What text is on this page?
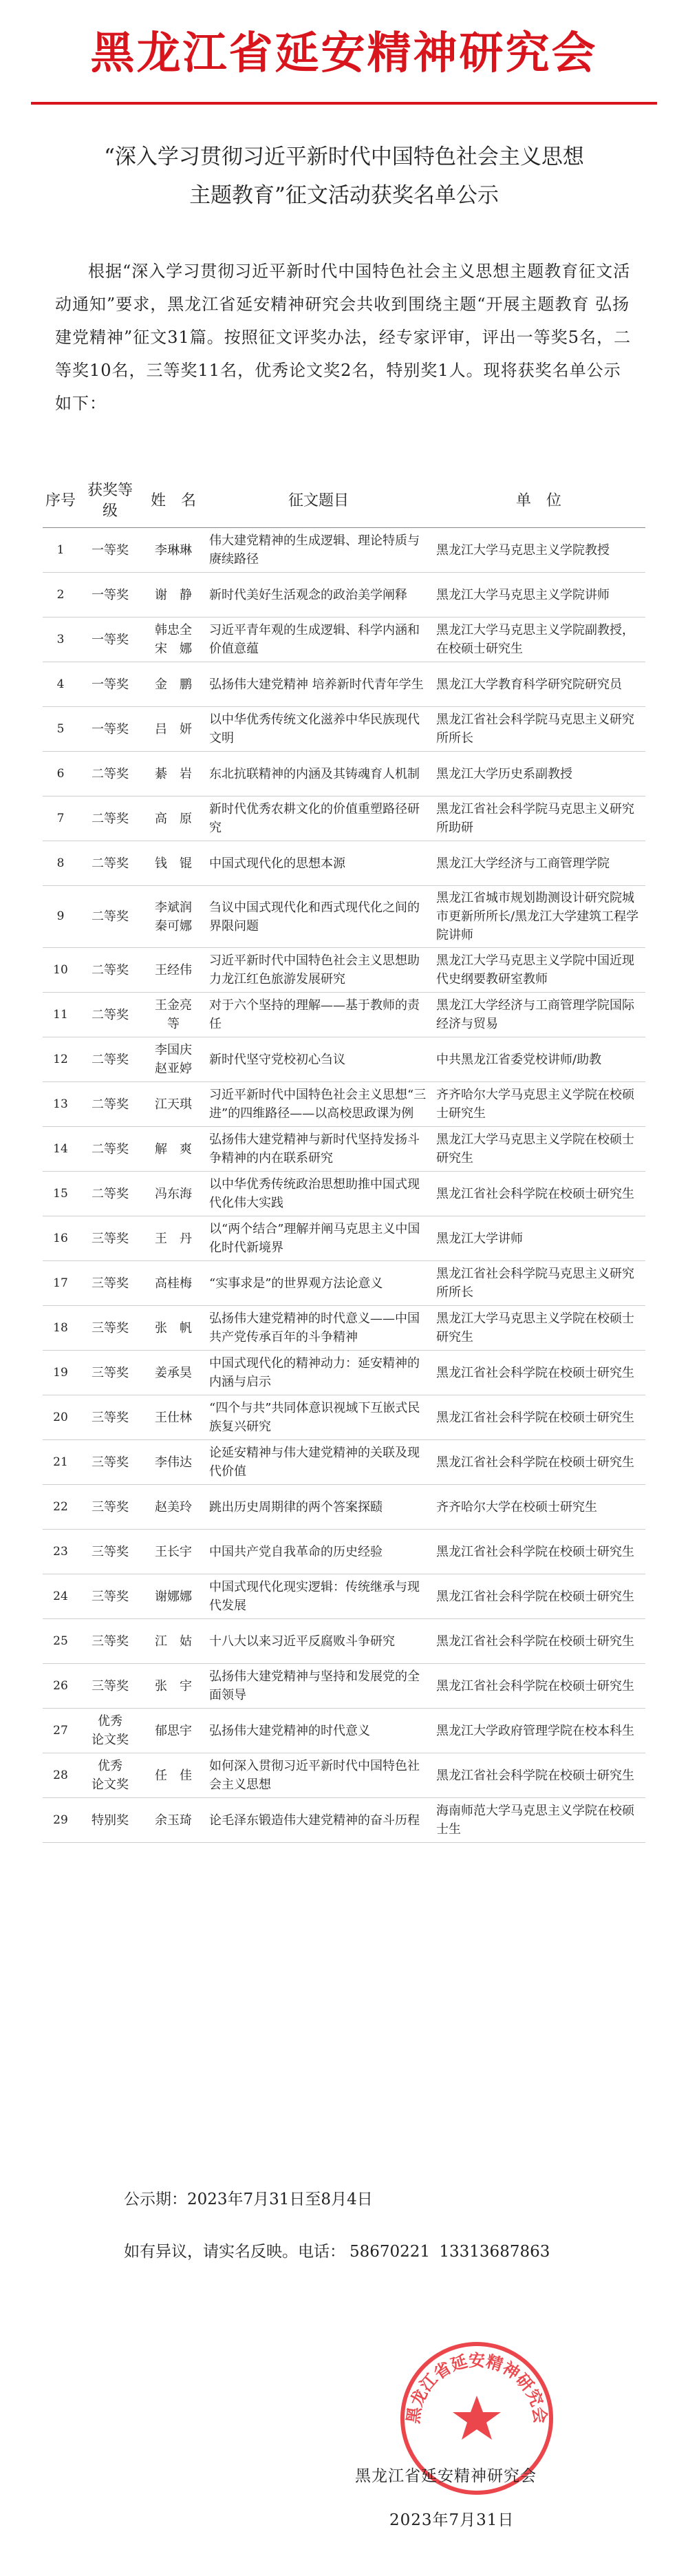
黑龙江省延安精神研究会
“深入学习贯彻习近平新时代中国特色社会主义思想
主题教育”征文活动获奖名单公示

根据“深入学习贯彻习近平新时代中国特色社会主义思想主题教育征文活动通知”要求，黑龙江省延安精神研究会共收到围绕主题“开展主题教育 弘扬建党精神”征文31篇。按照征文评奖办法，经专家评审，评出一等奖5名，二等奖10名，三等奖11名，优秀论文奖2名，特别奖1人。现将获奖名单公示如下：

序号	获奖等级	姓　名	征文题目	单　位
1	一等奖	李琳琳	伟大建党精神的生成逻辑、理论特质与赓续路径	黑龙江大学马克思主义学院教授
2	一等奖	谢　静	新时代美好生活观念的政治美学阐释	黑龙江大学马克思主义学院讲师
3	一等奖	韩忠全
宋　娜	习近平青年观的生成逻辑、科学内涵和价值意蕴	黑龙江大学马克思主义学院副教授，在校硕士研究生
4	一等奖	金　鹏	弘扬伟大建党精神 培养新时代青年学生	黑龙江大学教育科学研究院研究员
5	一等奖	吕　妍	以中华优秀传统文化滋养中华民族现代文明	黑龙江省社会科学院马克思主义研究所所长
6	二等奖	綦　岩	东北抗联精神的内涵及其铸魂育人机制	黑龙江大学历史系副教授
7	二等奖	高　原	新时代优秀农耕文化的价值重塑路径研究	黑龙江省社会科学院马克思主义研究所助研
8	二等奖	钱　锟	中国式现代化的思想本源	黑龙江大学经济与工商管理学院
9	二等奖	李斌润
秦可娜	刍议中国式现代化和西式现代化之间的界限问题	黑龙江省城市规划勘测设计研究院城市更新所所长/黑龙江大学建筑工程学院讲师
10	二等奖	王经伟	习近平新时代中国特色社会主义思想助力龙江红色旅游发展研究	黑龙江大学马克思主义学院中国近现代史纲要教研室教师
11	二等奖	王金亮
等	对于六个坚持的理解——基于教师的责任	黑龙江大学经济与工商管理学院国际经济与贸易
12	二等奖	李国庆
赵亚婷	新时代坚守党校初心刍议	中共黑龙江省委党校讲师/助教
13	二等奖	江天琪	习近平新时代中国特色社会主义思想“三进”的四维路径——以高校思政课为例	齐齐哈尔大学马克思主义学院在校硕士研究生
14	二等奖	解　爽	弘扬伟大建党精神与新时代坚持发扬斗争精神的内在联系研究	黑龙江大学马克思主义学院在校硕士研究生
15	二等奖	冯东海	以中华优秀传统政治思想助推中国式现代化伟大实践	黑龙江省社会科学院在校硕士研究生
16	三等奖	王　丹	以“两个结合”理解并阐马克思主义中国化时代新境界	黑龙江大学讲师
17	三等奖	高桂梅	“实事求是”的世界观方法论意义	黑龙江省社会科学院马克思主义研究所所长
18	三等奖	张　帆	弘扬伟大建党精神的时代意义——中国共产党传承百年的斗争精神	黑龙江大学马克思主义学院在校硕士研究生
19	三等奖	姜承昊	中国式现代化的精神动力：延安精神的内涵与启示	黑龙江省社会科学院在校硕士研究生
20	三等奖	王仕林	“四个与共”共同体意识视域下互嵌式民族复兴研究	黑龙江省社会科学院在校硕士研究生
21	三等奖	李伟达	论延安精神与伟大建党精神的关联及现代价值	黑龙江省社会科学院在校硕士研究生
22	三等奖	赵美玲	跳出历史周期律的两个答案探赜	齐齐哈尔大学在校硕士研究生
23	三等奖	王长宇	中国共产党自我革命的历史经验	黑龙江省社会科学院在校硕士研究生
24	三等奖	谢娜娜	中国式现代化现实逻辑：传统继承与现代发展	黑龙江省社会科学院在校硕士研究生
25	三等奖	江　姑	十八大以来习近平反腐败斗争研究	黑龙江省社会科学院在校硕士研究生
26	三等奖	张　宇	弘扬伟大建党精神与坚持和发展党的全面领导	黑龙江省社会科学院在校硕士研究生
27	优秀
论文奖	郁思宇	弘扬伟大建党精神的时代意义	黑龙江大学政府管理学院在校本科生
28	优秀
论文奖	任　佳	如何深入贯彻习近平新时代中国特色社会主义思想	黑龙江省社会科学院在校硕士研究生
29	特别奖	余玉琦	论毛泽东锻造伟大建党精神的奋斗历程	海南师范大学马克思主义学院在校硕士生

公示期：2023年7月31日至8月4日

如有异议，请实名反映。电话： 58670221 13313687863

黑龙江省延安精神研究会

黑龙江省延安精神研究会

2023年7月31日
